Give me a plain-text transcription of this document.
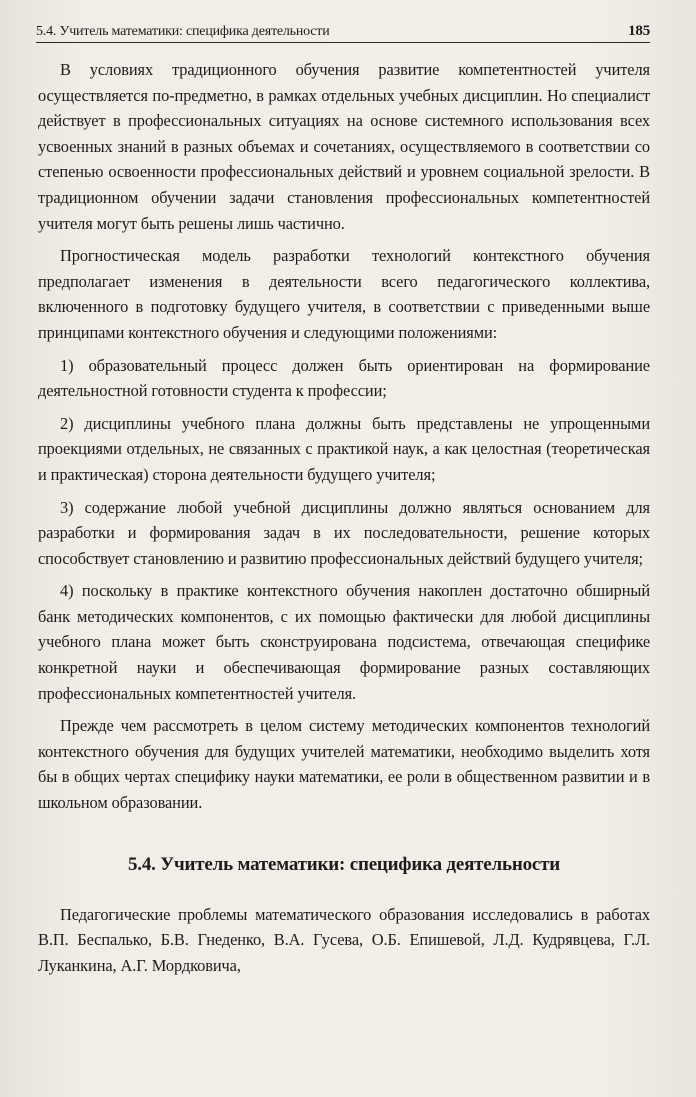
5.4. Учитель математики: специфика деятельности	185

В условиях традиционного обучения развитие компетентностей учителя осуществляется по-предметно, в рамках отдельных учебных дисциплин. Но специалист действует в профессиональных ситуациях на основе системного использования всех усвоенных знаний в разных объемах и сочетаниях, осуществляемого в соответствии со степенью освоенности профессиональных действий и уровнем социальной зрелости. В традиционном обучении задачи становления профессиональных компетентностей учителя могут быть решены лишь частично.

Прогностическая модель разработки технологий контекстного обучения предполагает изменения в деятельности всего педагогического коллектива, включенного в подготовку будущего учителя, в соответствии с приведенными выше принципами контекстного обучения и следующими положениями:

1) образовательный процесс должен быть ориентирован на формирование деятельностной готовности студента к профессии;

2) дисциплины учебного плана должны быть представлены не упрощенными проекциями отдельных, не связанных с практикой наук, а как целостная (теоретическая и практическая) сторона деятельности будущего учителя;

3) содержание любой учебной дисциплины должно являться основанием для разработки и формирования задач в их последовательности, решение которых способствует становлению и развитию профессиональных действий будущего учителя;

4) поскольку в практике контекстного обучения накоплен достаточно обширный банк методических компонентов, с их помощью фактически для любой дисциплины учебного плана может быть сконструирована подсистема, отвечающая специфике конкретной науки и обеспечивающая формирование разных составляющих профессиональных компетентностей учителя.

Прежде чем рассмотреть в целом систему методических компонентов технологий контекстного обучения для будущих учителей математики, необходимо выделить хотя бы в общих чертах специфику науки математики, ее роли в общественном развитии и в школьном образовании.

5.4. Учитель математики: специфика деятельности

Педагогические проблемы математического образования исследовались в работах В.П. Беспалько, Б.В. Гнеденко, В.А. Гусева, О.Б. Епишевой, Л.Д. Кудрявцева, Г.Л. Луканкина, А.Г. Мордковича,
